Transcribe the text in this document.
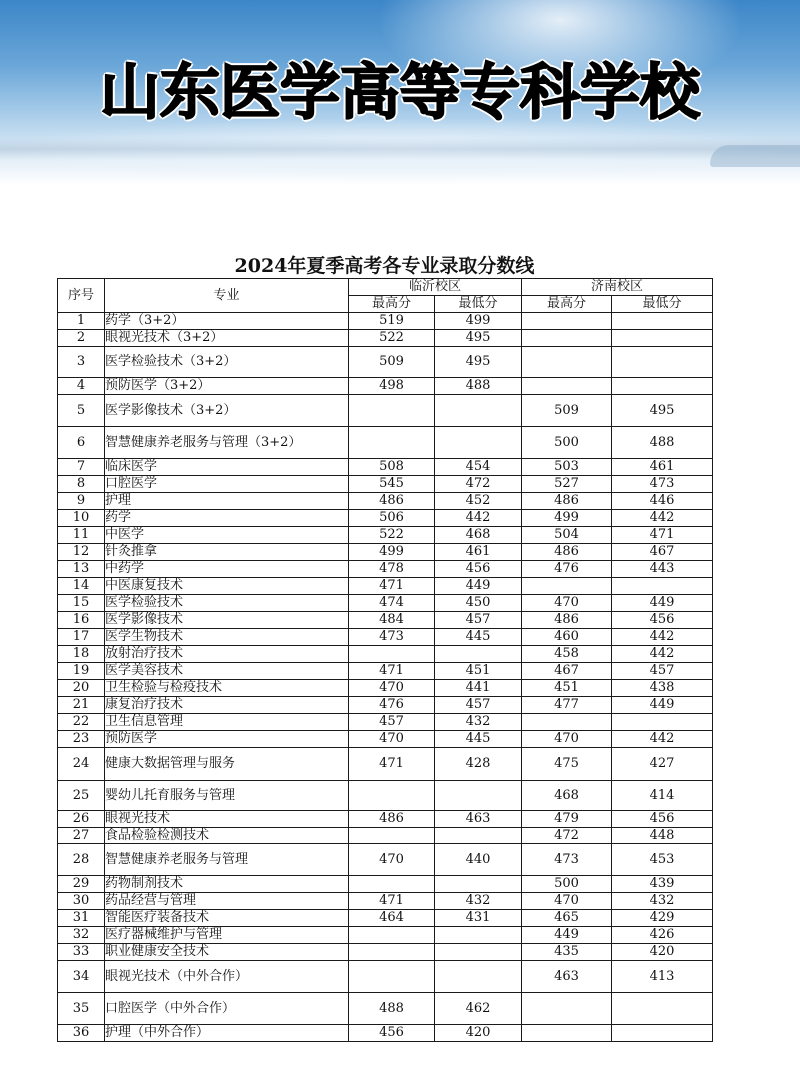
山东医学高等专科学校
2024年夏季高考各专业录取分数线
序号	专业	临沂校区		济南校区	
		最高分	最低分	最高分	最低分
1	药学（3+2）	519	499		
2	眼视光技术（3+2）	522	495		
3	医学检验技术（3+2）	509	495		
4	预防医学（3+2）	498	488		
5	医学影像技术（3+2）			509	495
6	智慧健康养老服务与管理（3+2）			500	488
7	临床医学	508	454	503	461
8	口腔医学	545	472	527	473
9	护理	486	452	486	446
10	药学	506	442	499	442
11	中医学	522	468	504	471
12	针灸推拿	499	461	486	467
13	中药学	478	456	476	443
14	中医康复技术	471	449		
15	医学检验技术	474	450	470	449
16	医学影像技术	484	457	486	456
17	医学生物技术	473	445	460	442
18	放射治疗技术			458	442
19	医学美容技术	471	451	467	457
20	卫生检验与检疫技术	470	441	451	438
21	康复治疗技术	476	457	477	449
22	卫生信息管理	457	432		
23	预防医学	470	445	470	442
24	健康大数据管理与服务	471	428	475	427
25	婴幼儿托育服务与管理			468	414
26	眼视光技术	486	463	479	456
27	食品检验检测技术			472	448
28	智慧健康养老服务与管理	470	440	473	453
29	药物制剂技术			500	439
30	药品经营与管理	471	432	470	432
31	智能医疗装备技术	464	431	465	429
32	医疗器械维护与管理			449	426
33	职业健康安全技术			435	420
34	眼视光技术（中外合作）			463	413
35	口腔医学（中外合作）	488	462		
36	护理（中外合作）	456	420		
